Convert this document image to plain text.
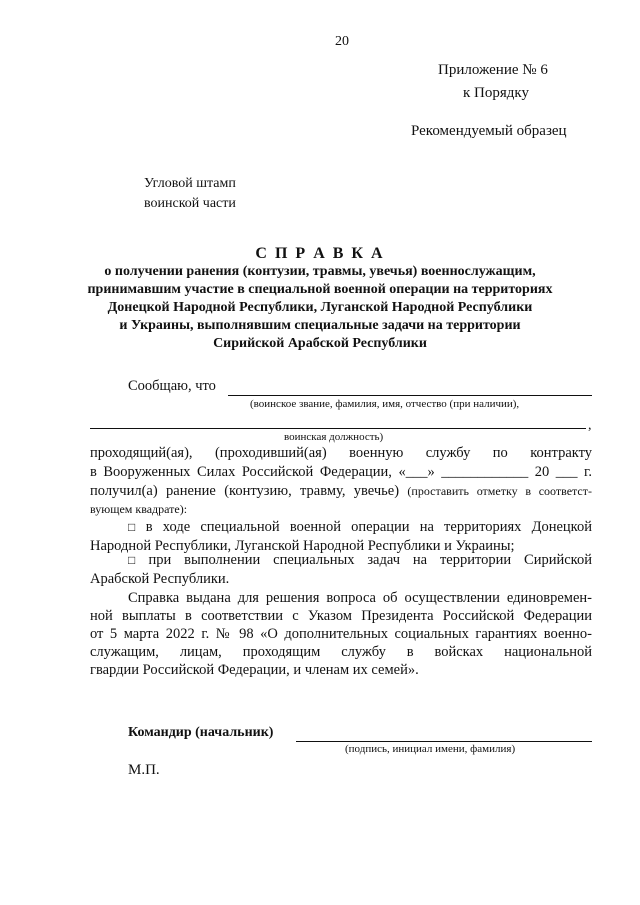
20
Приложение № 6
к Порядку
Рекомендуемый образец
Угловой штамп
воинской части
С П Р А В К А
о получении ранения (контузии, травмы, увечья) военнослужащим,
принимавшим участие в специальной военной операции на территориях
Донецкой Народной Республики, Луганской Народной Республики
и Украины, выполнявшим специальные задачи на территории
Сирийской Арабской Республики
Сообщаю, что
(воинское звание, фамилия, имя, отчество (при наличии),
,
воинская должность)
проходящий(ая), (проходивший(ая) военную службу по контракту
в Вооруженных Силах Российской Федерации, «___» ____________ 20 ___ г.
получил(а) ранение (контузию, травму, увечье) (проставить отметку в соответст-
вующем квадрате):
□ в ходе специальной военной операции на территориях Донецкой
Народной Республики, Луганской Народной Республики и Украины;
□ при выполнении специальных задач на территории Сирийской
Арабской Республики.
Справка выдана для решения вопроса об осуществлении единовремен-
ной выплаты в соответствии с Указом Президента Российской Федерации
от 5 марта 2022 г. № 98 «О дополнительных социальных гарантиях военно-
служащим, лицам, проходящим службу в войсках национальной
гвардии Российской Федерации, и членам их семей».
Командир (начальник)
(подпись, инициал имени, фамилия)
М.П.
